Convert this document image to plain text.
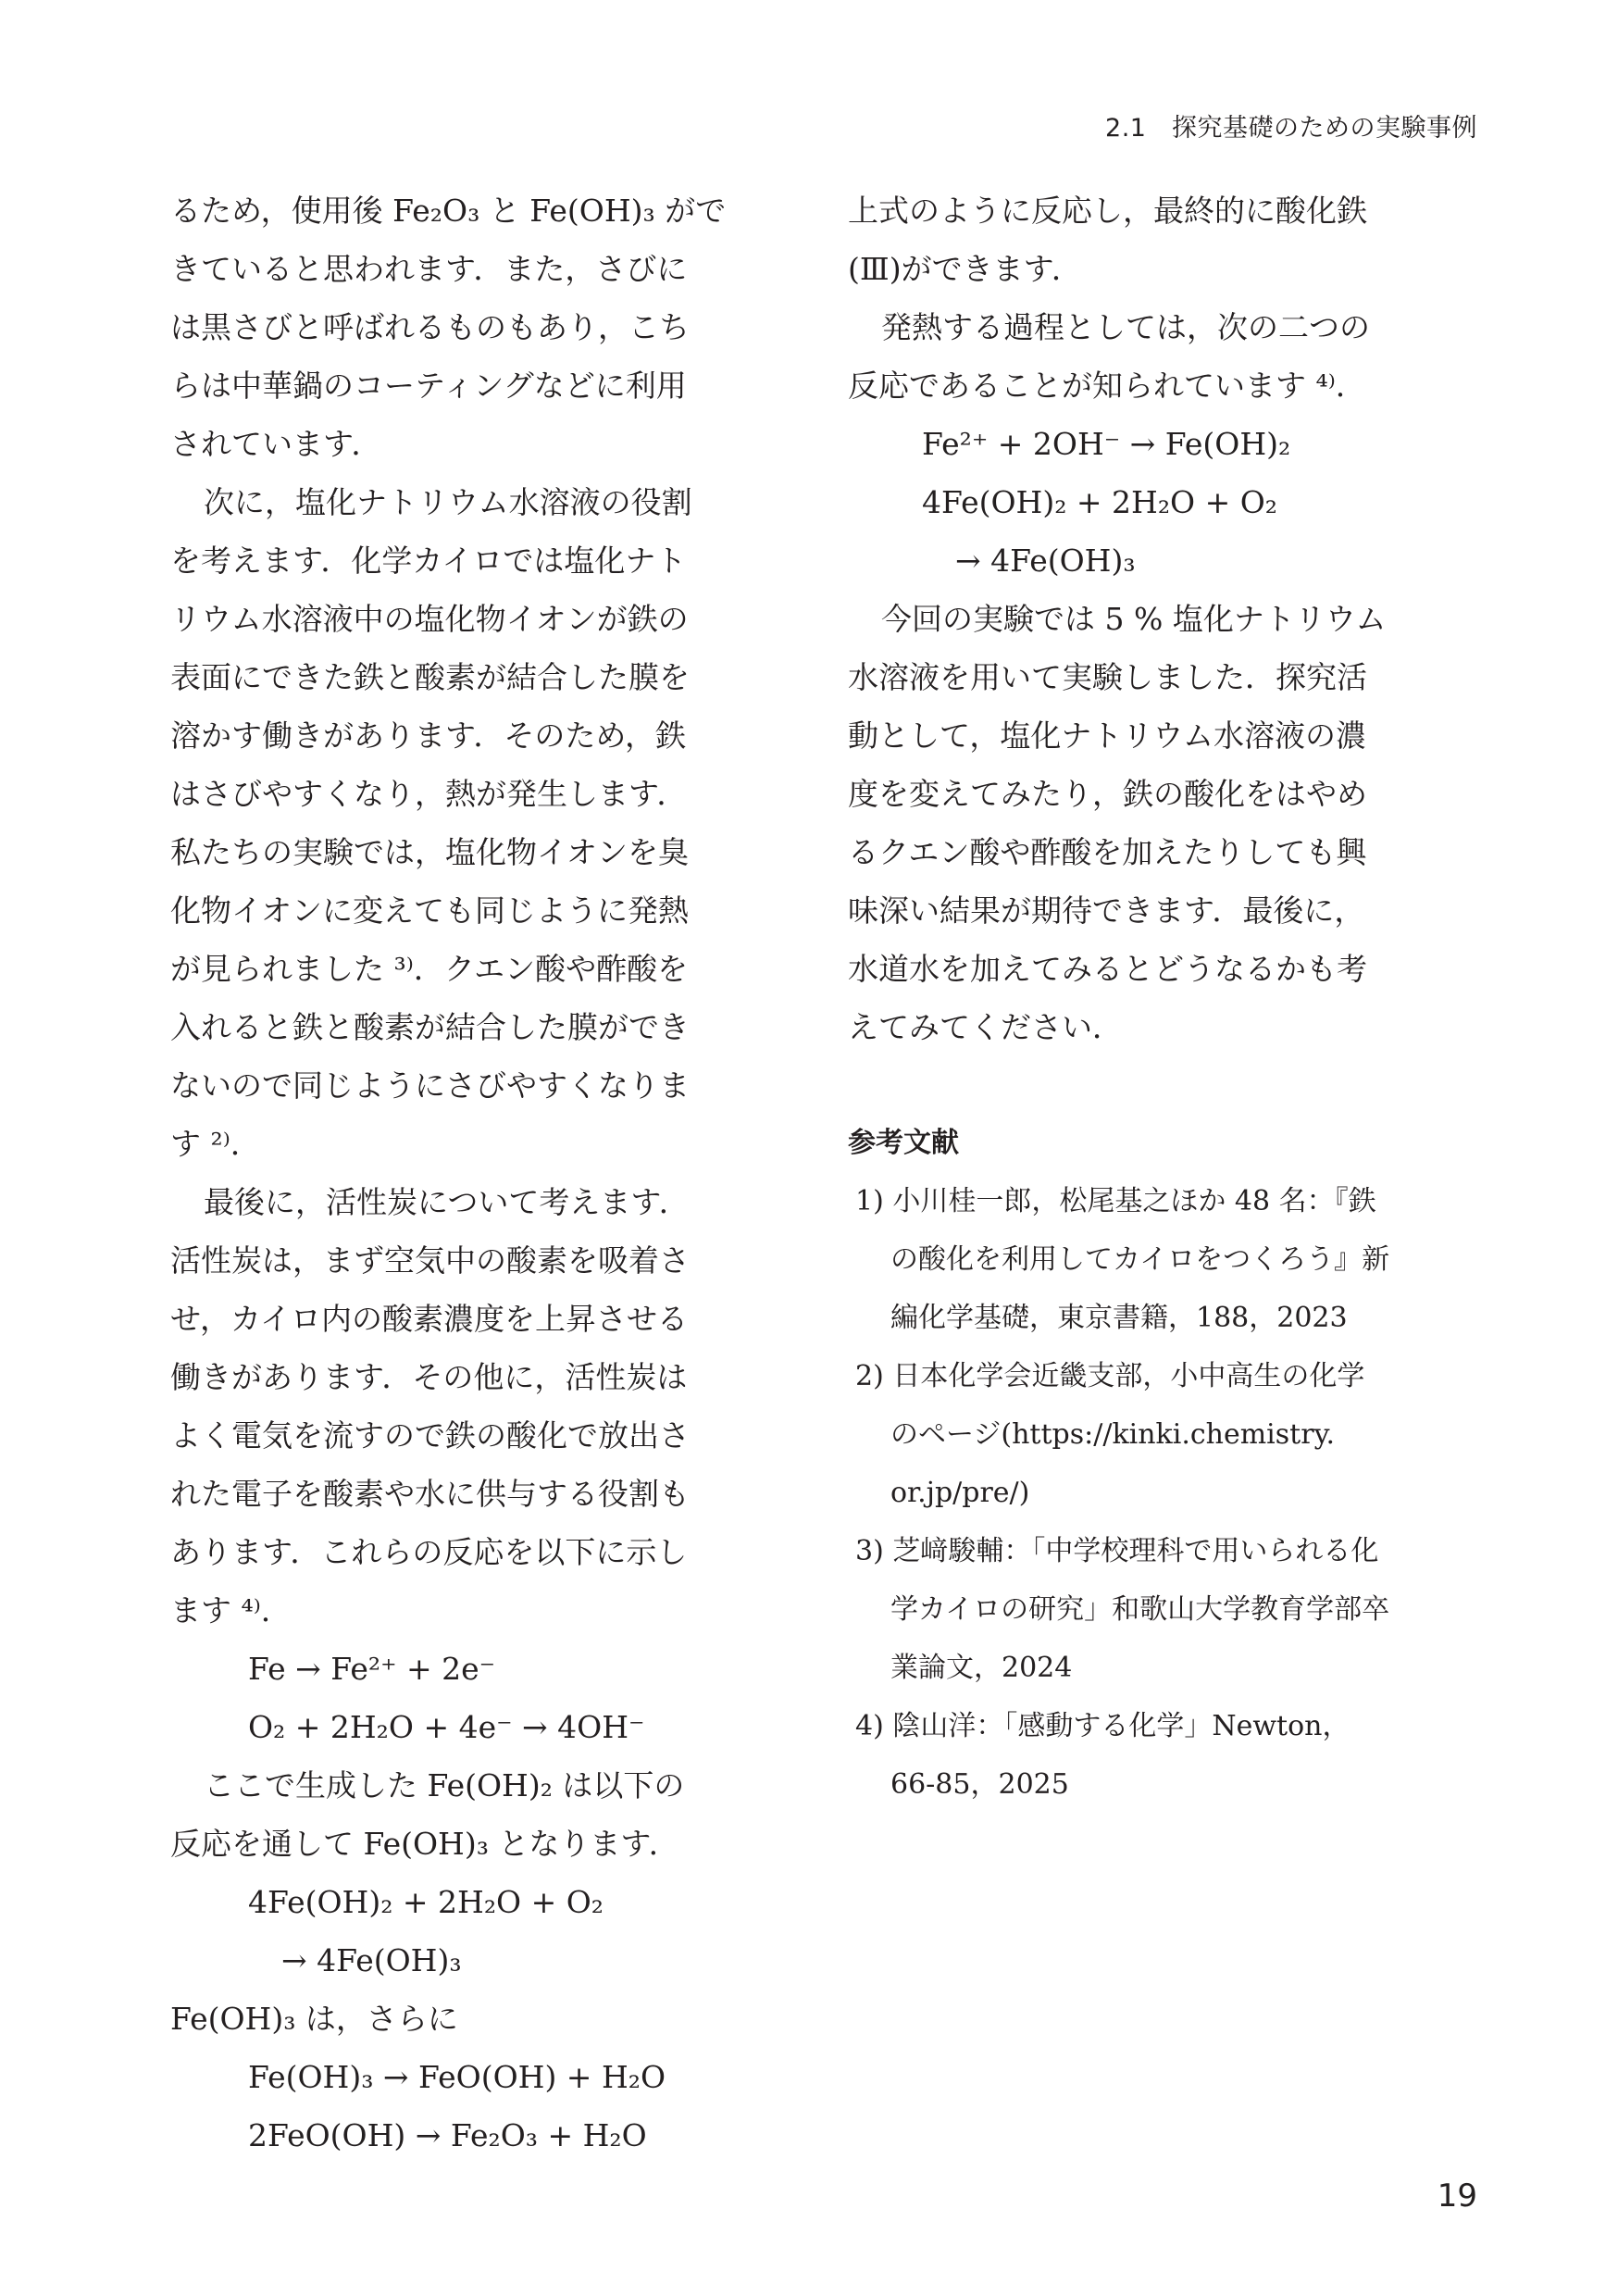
2.1　探究基礎のための実験事例
るため，使用後 Fe₂O₃ と Fe(OH)₃ がで
きていると思われます．また，さびに
は黒さびと呼ばれるものもあり，こち
らは中華鍋のコーティングなどに利用
されています．
次に，塩化ナトリウム水溶液の役割
を考えます．化学カイロでは塩化ナト
リウム水溶液中の塩化物イオンが鉄の
表面にできた鉄と酸素が結合した膜を
溶かす働きがあります．そのため，鉄
はさびやすくなり，熱が発生します．
私たちの実験では，塩化物イオンを臭
化物イオンに変えても同じように発熱
が見られました ³⁾．クエン酸や酢酸を
入れると鉄と酸素が結合した膜ができ
ないので同じようにさびやすくなりま
す ²⁾．
最後に，活性炭について考えます．
活性炭は，まず空気中の酸素を吸着さ
せ，カイロ内の酸素濃度を上昇させる
働きがあります．その他に，活性炭は
よく電気を流すので鉄の酸化で放出さ
れた電子を酸素や水に供与する役割も
あります．これらの反応を以下に示し
ます ⁴⁾．
Fe → Fe²⁺ + 2e⁻
O₂ + 2H₂O + 4e⁻ → 4OH⁻
ここで生成した Fe(OH)₂ は以下の
反応を通して Fe(OH)₃ となります．
4Fe(OH)₂ + 2H₂O + O₂
→ 4Fe(OH)₃
Fe(OH)₃ は，さらに
Fe(OH)₃ → FeO(OH) + H₂O
2FeO(OH) → Fe₂O₃ + H₂O
上式のように反応し，最終的に酸化鉄
(Ⅲ)ができます．
発熱する過程としては，次の二つの
反応であることが知られています ⁴⁾．
Fe²⁺ + 2OH⁻ → Fe(OH)₂
4Fe(OH)₂ + 2H₂O + O₂
→ 4Fe(OH)₃
今回の実験では 5 % 塩化ナトリウム
水溶液を用いて実験しました．探究活
動として，塩化ナトリウム水溶液の濃
度を変えてみたり，鉄の酸化をはやめ
るクエン酸や酢酸を加えたりしても興
味深い結果が期待できます．最後に，
水道水を加えてみるとどうなるかも考
えてみてください．
参考文献
1) 小川桂一郎，松尾基之ほか 48 名：『鉄
の酸化を利用してカイロをつくろう』新
編化学基礎，東京書籍，188，2023
2) 日本化学会近畿支部，小中高生の化学
のページ(https://kinki.chemistry.
or.jp/pre/)
3) 芝﨑駿輔：「中学校理科で用いられる化
学カイロの研究」和歌山大学教育学部卒
業論文，2024
4) 陰山洋：「感動する化学」Newton，
66-85，2025
19
